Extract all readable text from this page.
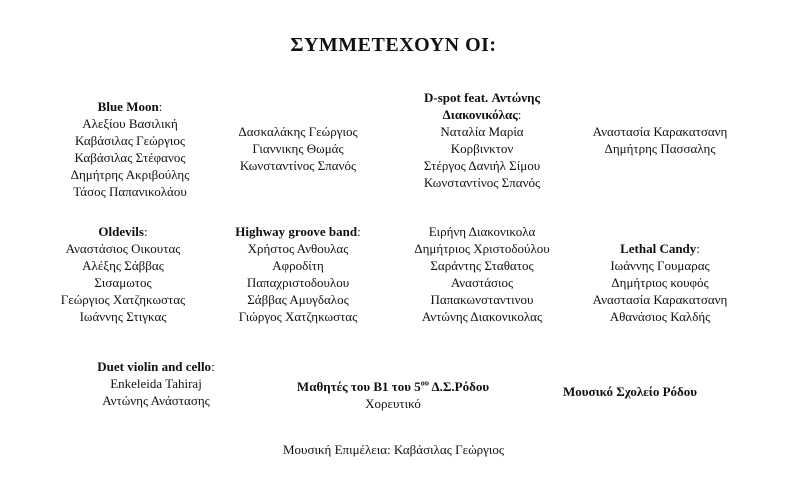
ΣΥΜΜΕΤΕΧΟΥΝ ΟΙ:
Blue Moon:
Αλεξίου Βασιλική
Καβάσιλας Γεώργιος
Καβάσιλας Στέφανος
Δημήτρης Ακριβούλης
Τάσος Παπανικολάου
Δασκαλάκης Γεώργιος
Γιαννικης Θωμάς
Κωνσταντίνος Σπανός
D-spot feat. Αντώνης
Διακονικόλας:
Ναταλία Μαρία
Κορβινκτον
Στέργος Δανιήλ Σίμου
Κωνσταντίνος Σπανός
Αναστασία Καρακατσανη
Δημήτρης Πασσαλης
Oldevils:
Αναστάσιος Οικουτας
Αλέξης Σάββας
Σισαμωτος
Γεώργιος Χατζηκωστας
Ιωάννης Στιγκας
Highway groove band:
Χρήστος Ανθουλας
Αφροδίτη
Παπαχριστοδουλου
Σάββας Αμυγδαλος
Γιώργος Χατζηκωστας
Ειρήνη Διακονικολα
Δημήτριος Χριστοδούλου
Σαράντης Σταθατος
Αναστάσιος
Παπακωνσταντινου
Αντώνης Διακονικολας
Lethal Candy:
Ιωάννης Γουμαρας
Δημήτριος κουφός
Αναστασία Καρακατσανη
Αθανάσιος Καλδής
Duet violin and cello:
Enkeleida Tahiraj
Αντώνης Ανάστασης
Μαθητές του Β1 του $5^{o\upsilon}$ Δ.Σ.Ρόδου
Χορευτικό
Μουσικό Σχολείο Ρόδου
Μουσική Επιμέλεια: Καβάσιλας Γεώργιος
